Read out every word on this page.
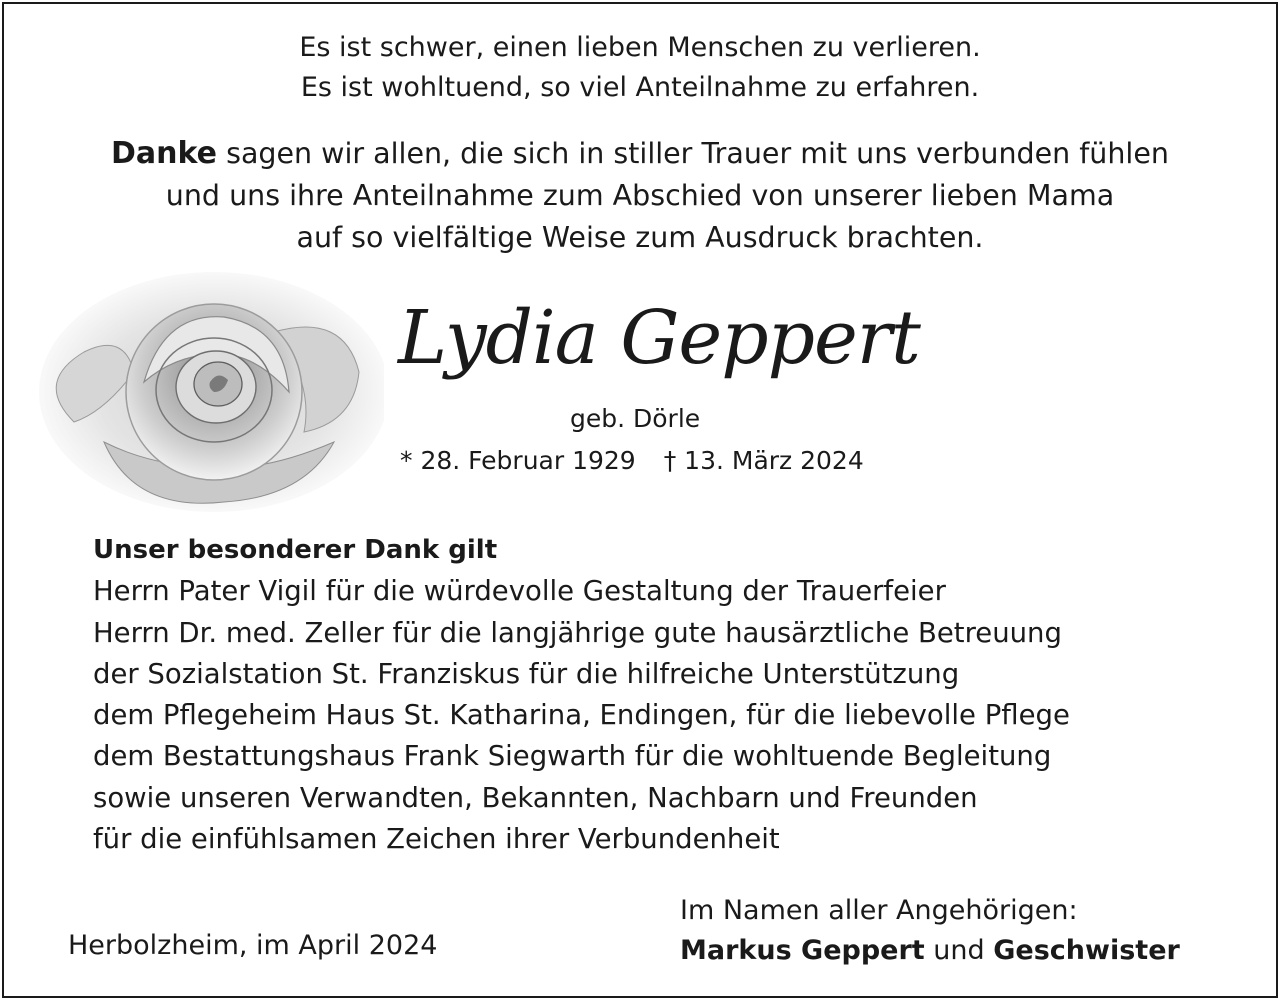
Es ist schwer, einen lieben Menschen zu verlieren.
Es ist wohltuend, so viel Anteilnahme zu erfahren.
Danke sagen wir allen, die sich in stiller Trauer mit uns verbunden fühlen
und uns ihre Anteilnahme zum Abschied von unserer lieben Mama
auf so vielfältige Weise zum Ausdruck brachten.
Lydia Geppert
geb. Dörle
* 28. Februar 1929 † 13. März 2024
Unser besonderer Dank gilt
Herrn Pater Vigil für die würdevolle Gestaltung der Trauerfeier
Herrn Dr. med. Zeller für die langjährige gute hausärztliche Betreuung
der Sozialstation St. Franziskus für die hilfreiche Unterstützung
dem Pflegeheim Haus St. Katharina, Endingen, für die liebevolle Pflege
dem Bestattungshaus Frank Siegwarth für die wohltuende Begleitung
sowie unseren Verwandten, Bekannten, Nachbarn und Freunden
für die einfühlsamen Zeichen ihrer Verbundenheit
Herbolzheim, im April 2024
Im Namen aller Angehörigen:
Markus Geppert und Geschwister
